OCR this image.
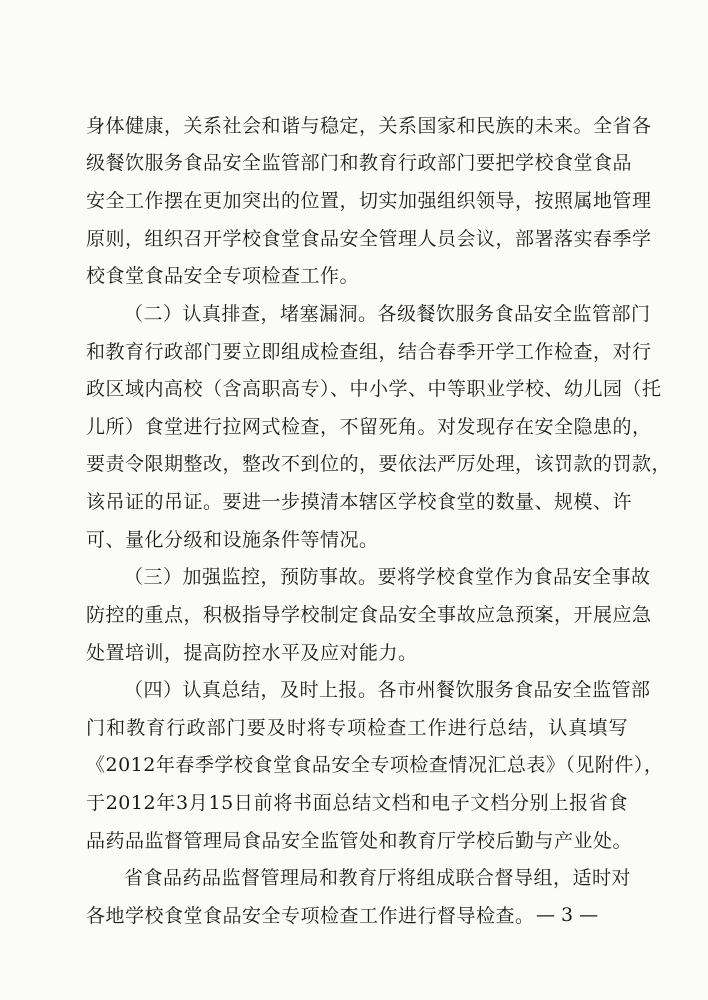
身体健康，关系社会和谐与稳定，关系国家和民族的未来。全省各
级餐饮服务食品安全监管部门和教育行政部门要把学校食堂食品
安全工作摆在更加突出的位置，切实加强组织领导，按照属地管理
原则，组织召开学校食堂食品安全管理人员会议，部署落实春季学
校食堂食品安全专项检查工作。
（二）认真排查，堵塞漏洞。各级餐饮服务食品安全监管部门
和教育行政部门要立即组成检查组，结合春季开学工作检查，对行
政区域内高校（含高职高专）、中小学、中等职业学校、幼儿园（托
儿所）食堂进行拉网式检查，不留死角。对发现存在安全隐患的，
要责令限期整改，整改不到位的，要依法严厉处理，该罚款的罚款，
该吊证的吊证。要进一步摸清本辖区学校食堂的数量、规模、许
可、量化分级和设施条件等情况。
（三）加强监控，预防事故。要将学校食堂作为食品安全事故
防控的重点，积极指导学校制定食品安全事故应急预案，开展应急
处置培训，提高防控水平及应对能力。
（四）认真总结，及时上报。各市州餐饮服务食品安全监管部
门和教育行政部门要及时将专项检查工作进行总结，认真填写
《2012年春季学校食堂食品安全专项检查情况汇总表》（见附件），
于2012年3月15日前将书面总结文档和电子文档分别上报省食
品药品监督管理局食品安全监管处和教育厅学校后勤与产业处。
省食品药品监督管理局和教育厅将组成联合督导组，适时对
各地学校食堂食品安全专项检查工作进行督导检查。 — 3 —
